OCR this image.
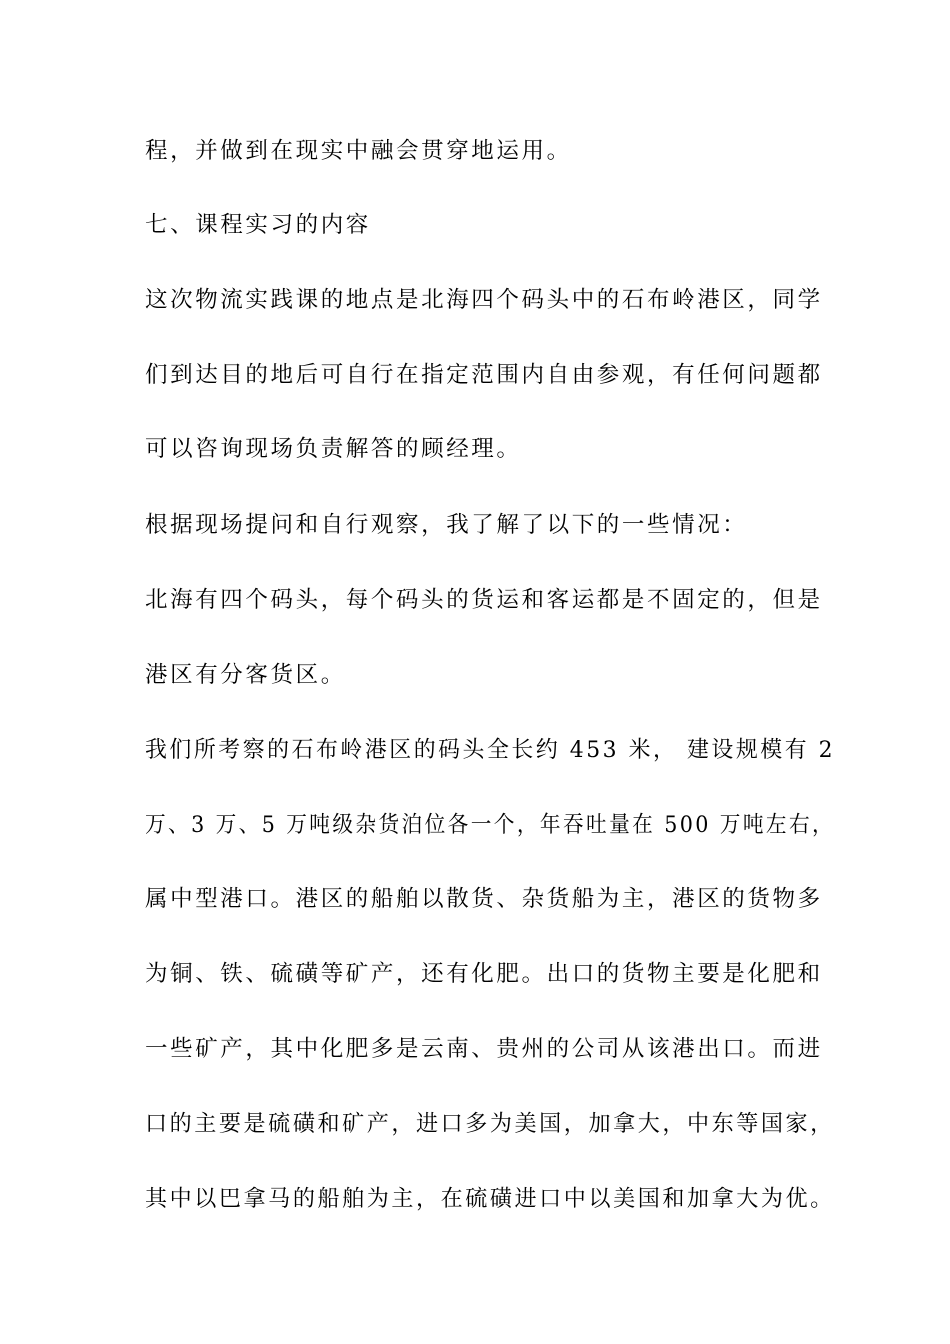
程，并做到在现实中融会贯穿地运用。
七、课程实习的内容
这次物流实践课的地点是北海四个码头中的石布岭港区，同学
们到达目的地后可自行在指定范围内自由参观，有任何问题都
可以咨询现场负责解答的顾经理。
根据现场提问和自行观察，我了解了以下的一些情况：
北海有四个码头，每个码头的货运和客运都是不固定的，但是
港区有分客货区。
我们所考察的石布岭港区的码头全长约 453 米， 建设规模有 2
万、3 万、5 万吨级杂货泊位各一个，年吞吐量在 500 万吨左右，
属中型港口。港区的船舶以散货、杂货船为主，港区的货物多
为铜、铁、硫磺等矿产，还有化肥。出口的货物主要是化肥和
一些矿产，其中化肥多是云南、贵州的公司从该港出口。而进
口的主要是硫磺和矿产，进口多为美国，加拿大，中东等国家，
其中以巴拿马的船舶为主，在硫磺进口中以美国和加拿大为优。
